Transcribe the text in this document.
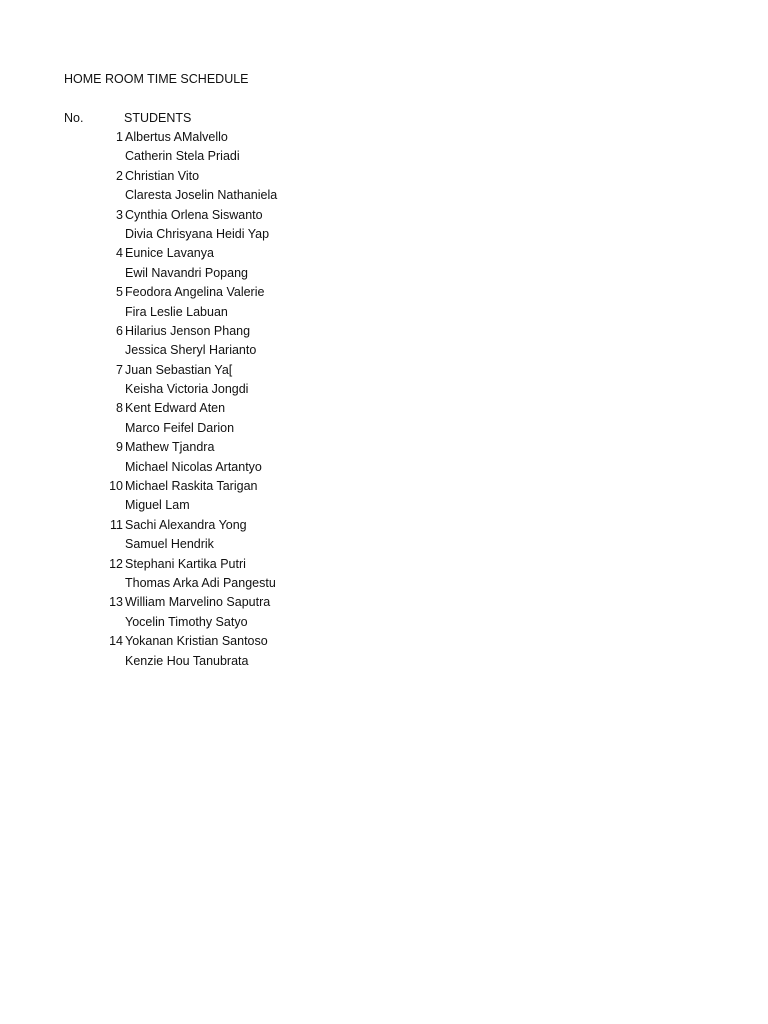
HOME ROOM TIME SCHEDULE
No.	STUDENTS
1 Albertus AMalvello
Catherin Stela Priadi
2 Christian Vito
Claresta Joselin Nathaniela
3 Cynthia Orlena Siswanto
Divia Chrisyana Heidi Yap
4 Eunice Lavanya
Ewil Navandri Popang
5 Feodora Angelina Valerie
Fira Leslie Labuan
6 Hilarius Jenson Phang
Jessica Sheryl Harianto
7 Juan Sebastian Ya[
Keisha Victoria Jongdi
8 Kent Edward Aten
Marco Feifel Darion
9 Mathew Tjandra
Michael Nicolas Artantyo
10 Michael Raskita Tarigan
Miguel Lam
11 Sachi Alexandra Yong
Samuel Hendrik
12 Stephani Kartika Putri
Thomas Arka Adi Pangestu
13 William Marvelino Saputra
Yocelin Timothy Satyo
14 Yokanan Kristian Santoso
Kenzie Hou Tanubrata
